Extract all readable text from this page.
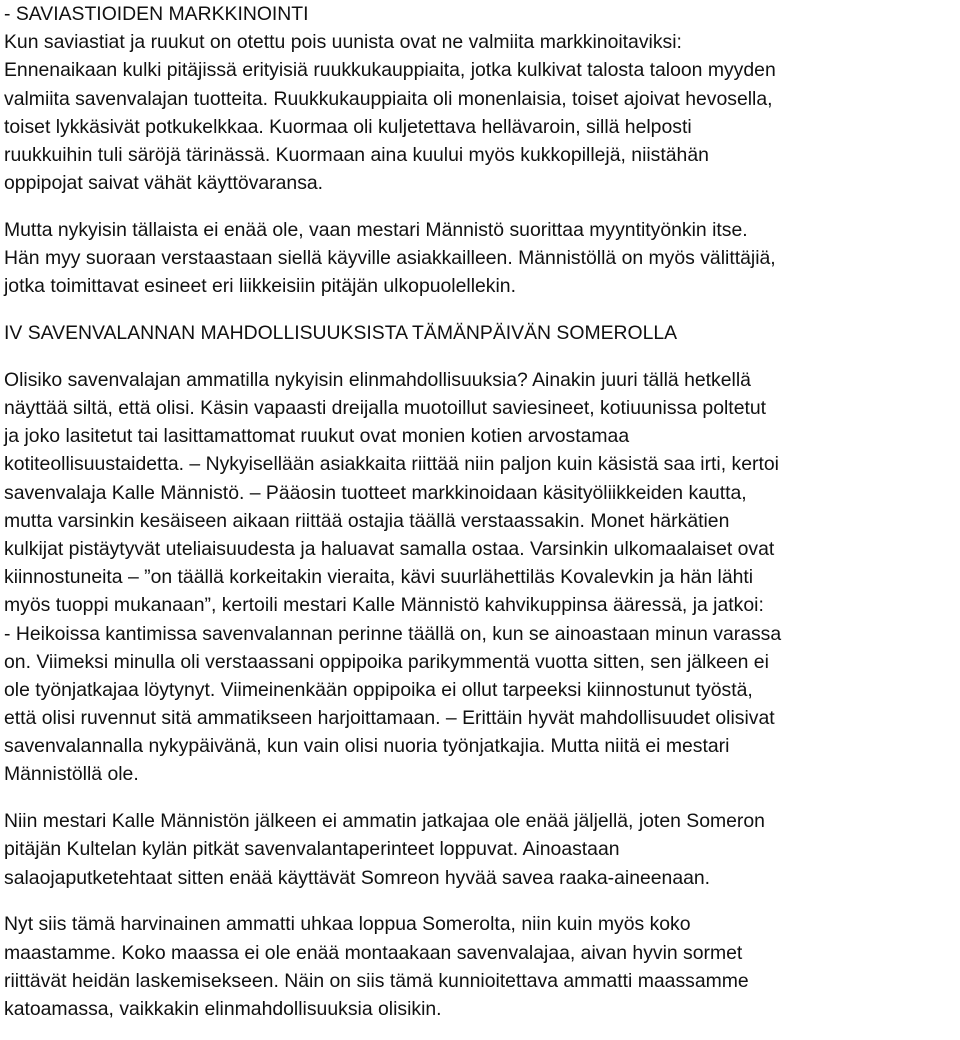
- SAVIASTIOIDEN MARKKINOINTI
Kun saviastiat ja ruukut on otettu pois uunista ovat ne valmiita markkinoitaviksi:
Ennenaikaan kulki pitäjissä erityisiä ruukkukauppiaita, jotka kulkivat talosta taloon myyden
valmiita savenvalajan tuotteita. Ruukkukauppiaita oli monenlaisia, toiset ajoivat hevosella,
toiset lykkäsivät potkukelkkaa. Kuormaa oli kuljetettava hellävaroin, sillä helposti
ruukkuihin tuli säröjä tärinässä. Kuormaan aina kuului myös kukkopillejä, niistähän
oppipojat saivat vähät käyttövaransa.
Mutta nykyisin tällaista ei enää ole, vaan mestari Männistö suorittaa myyntityönkin itse.
Hän myy suoraan verstaastaan siellä käyville asiakkailleen. Männistöllä on myös välittäjiä,
jotka toimittavat esineet eri liikkeisiin pitäjän ulkopuolellekin.
IV SAVENVALANNAN MAHDOLLISUUKSISTA TÄMÄNPÄIVÄN SOMEROLLA
Olisiko savenvalajan ammatilla nykyisin elinmahdollisuuksia? Ainakin juuri tällä hetkellä
näyttää siltä, että olisi. Käsin vapaasti dreijalla muotoillut saviesineet, kotiuunissa poltetut
ja joko lasitetut tai lasittamattomat ruukut ovat monien kotien arvostamaa
kotiteollisuustaidetta. – Nykyisellään asiakkaita riittää niin paljon kuin käsistä saa irti, kertoi
savenvalaja Kalle Männistö. – Pääosin tuotteet markkinoidaan käsityöliikkeiden kautta,
mutta varsinkin kesäiseen aikaan riittää ostajia täällä verstaassakin. Monet härkätien
kulkijat pistäytyvät uteliaisuudesta ja haluavat samalla ostaa. Varsinkin ulkomaalaiset ovat
kiinnostuneita – ”on täällä korkeitakin vieraita, kävi suurlähettiläs Kovalevkin ja hän lähti
myös tuoppi mukanaan”, kertoili mestari Kalle Männistö kahvikuppinsa ääressä, ja jatkoi:
- Heikoissa kantimissa savenvalannan perinne täällä on, kun se ainoastaan minun varassa
on. Viimeksi minulla oli verstaassani oppipoika parikymmentä vuotta sitten, sen jälkeen ei
ole työnjatkajaa löytynyt. Viimeinenkään oppipoika ei ollut tarpeeksi kiinnostunut työstä,
että olisi ruvennut sitä ammatikseen harjoittamaan. – Erittäin hyvät mahdollisuudet olisivat
savenvalannalla nykypäivänä, kun vain olisi nuoria työnjatkajia. Mutta niitä ei mestari
Männistöllä ole.
Niin mestari Kalle Männistön jälkeen ei ammatin jatkajaa ole enää jäljellä, joten Someron
pitäjän Kultelan kylän pitkät savenvalantaperinteet loppuvat. Ainoastaan
salaojaputketehtaat sitten enää käyttävät Somreon hyvää savea raaka-aineenaan.
Nyt siis tämä harvinainen ammatti uhkaa loppua Somerolta, niin kuin myös koko
maastamme. Koko maassa ei ole enää montaakaan savenvalajaa, aivan hyvin sormet
riittävät heidän laskemisekseen. Näin on siis tämä kunnioitettava ammatti maassamme
katoamassa, vaikkakin elinmahdollisuuksia olisikin.
